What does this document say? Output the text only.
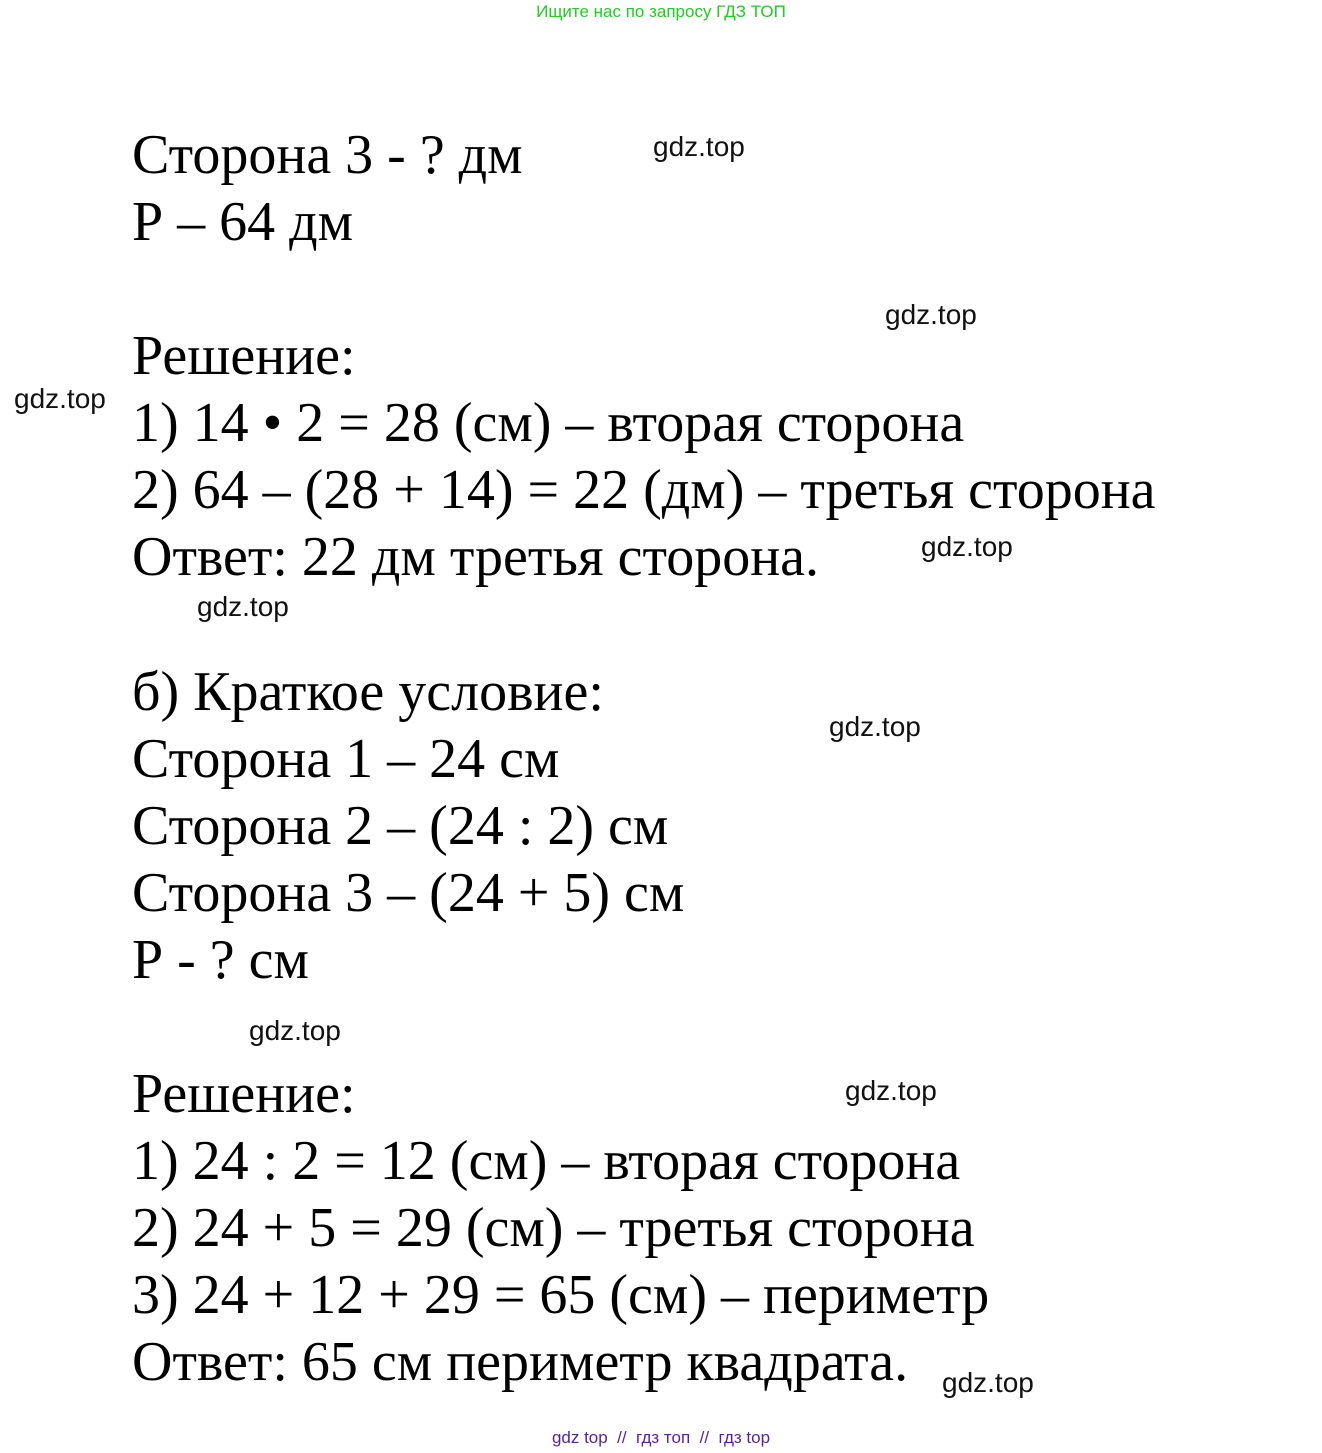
Ищите нас по запросу ГДЗ ТОП
Сторона 3 - ? дм
Р – 64 дм
Решение:
1) 14 • 2 = 28 (см) – вторая сторона
2) 64 – (28 + 14) = 22 (дм) – третья сторона
Ответ: 22 дм третья сторона.
б) Краткое условие:
Сторона 1 – 24 см
Сторона 2 – (24 : 2) см
Сторона 3 – (24 + 5) см
Р - ? см
Решение:
1) 24 : 2 = 12 (см) – вторая сторона
2) 24 + 5 = 29 (см) – третья сторона
3) 24 + 12 + 29 = 65 (см) – периметр
Ответ: 65 см периметр квадрата.
gdz.top
gdz.top
gdz.top
gdz.top
gdz.top
gdz.top
gdz.top
gdz.top
gdz.top
gdz top  //  гдз топ  //  гдз top
